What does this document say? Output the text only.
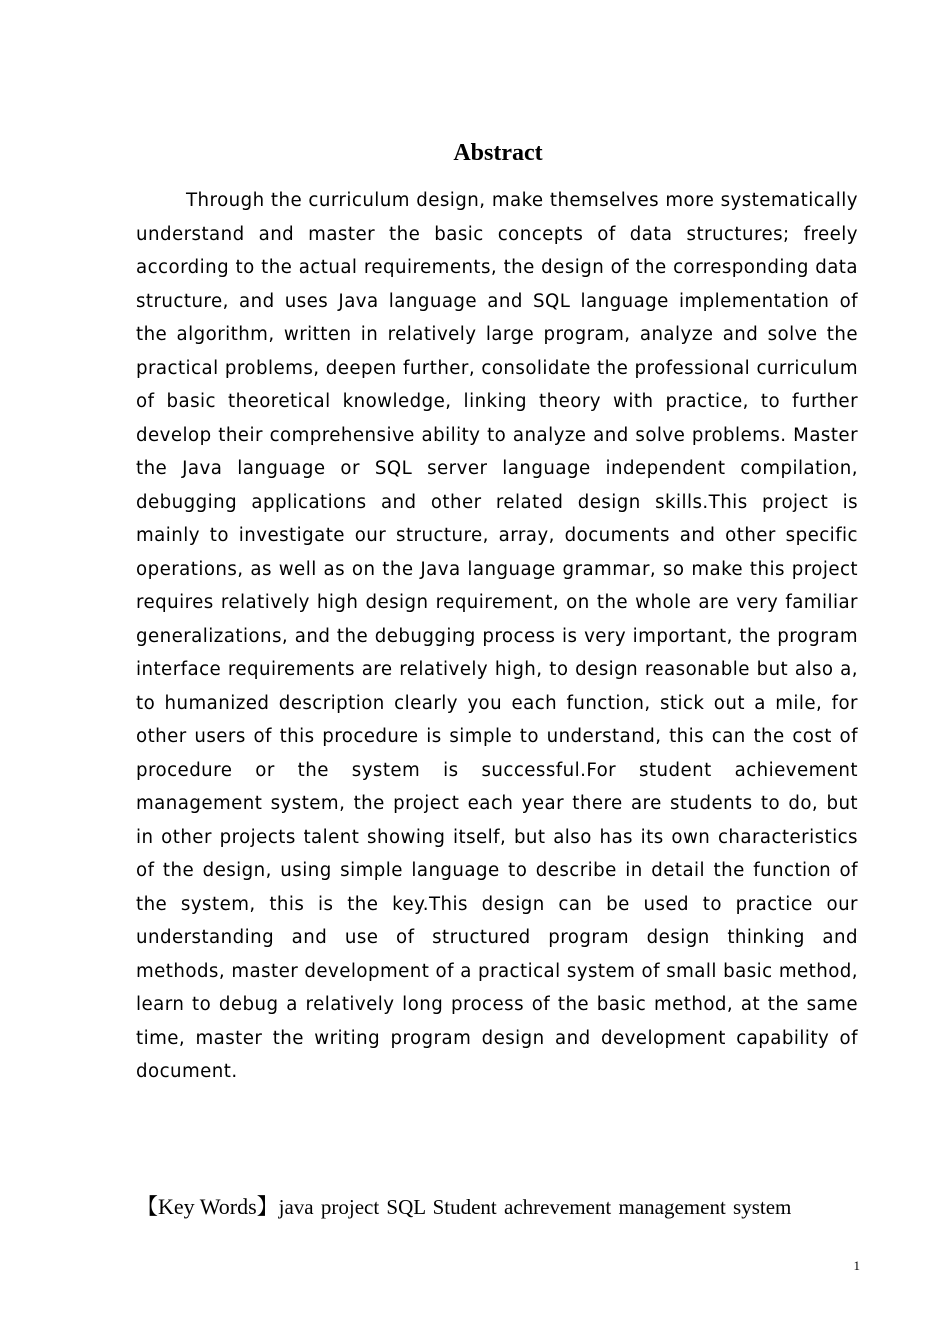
Abstract

Through the curriculum design, make themselves more systematically understand and master the basic concepts of data structures; freely according to the actual requirements, the design of the corresponding data structure, and uses Java language and SQL language implementation of the algorithm, written in relatively large program, analyze and solve the practical problems, deepen further, consolidate the professional curriculum of basic theoretical knowledge, linking theory with practice, to further develop their comprehensive ability to analyze and solve problems. Master the Java language or SQL server language independent compilation, debugging applications and other related design skills.This project is mainly to investigate our structure, array, documents and other specific operations, as well as on the Java language grammar, so make this project requires relatively high design requirement, on the whole are very familiar generalizations, and the debugging process is very important, the program interface requirements are relatively high, to design reasonable but also a, to humanized description clearly you each function, stick out a mile, for other users of this procedure is simple to understand, this can the cost of procedure or the system is successful.For student achievement management system, the project each year there are students to do, but in other projects talent showing itself, but also has its own characteristics of the design, using simple language to describe in detail the function of the system, this is the key.This design can be used to practice our understanding and use of structured program design thinking and methods, master development of a practical system of small basic method, learn to debug a relatively long process of the basic method, at the same time, master the writing program design and development capability of document.

【Key Words】java project SQL Student achrevement management system

1
